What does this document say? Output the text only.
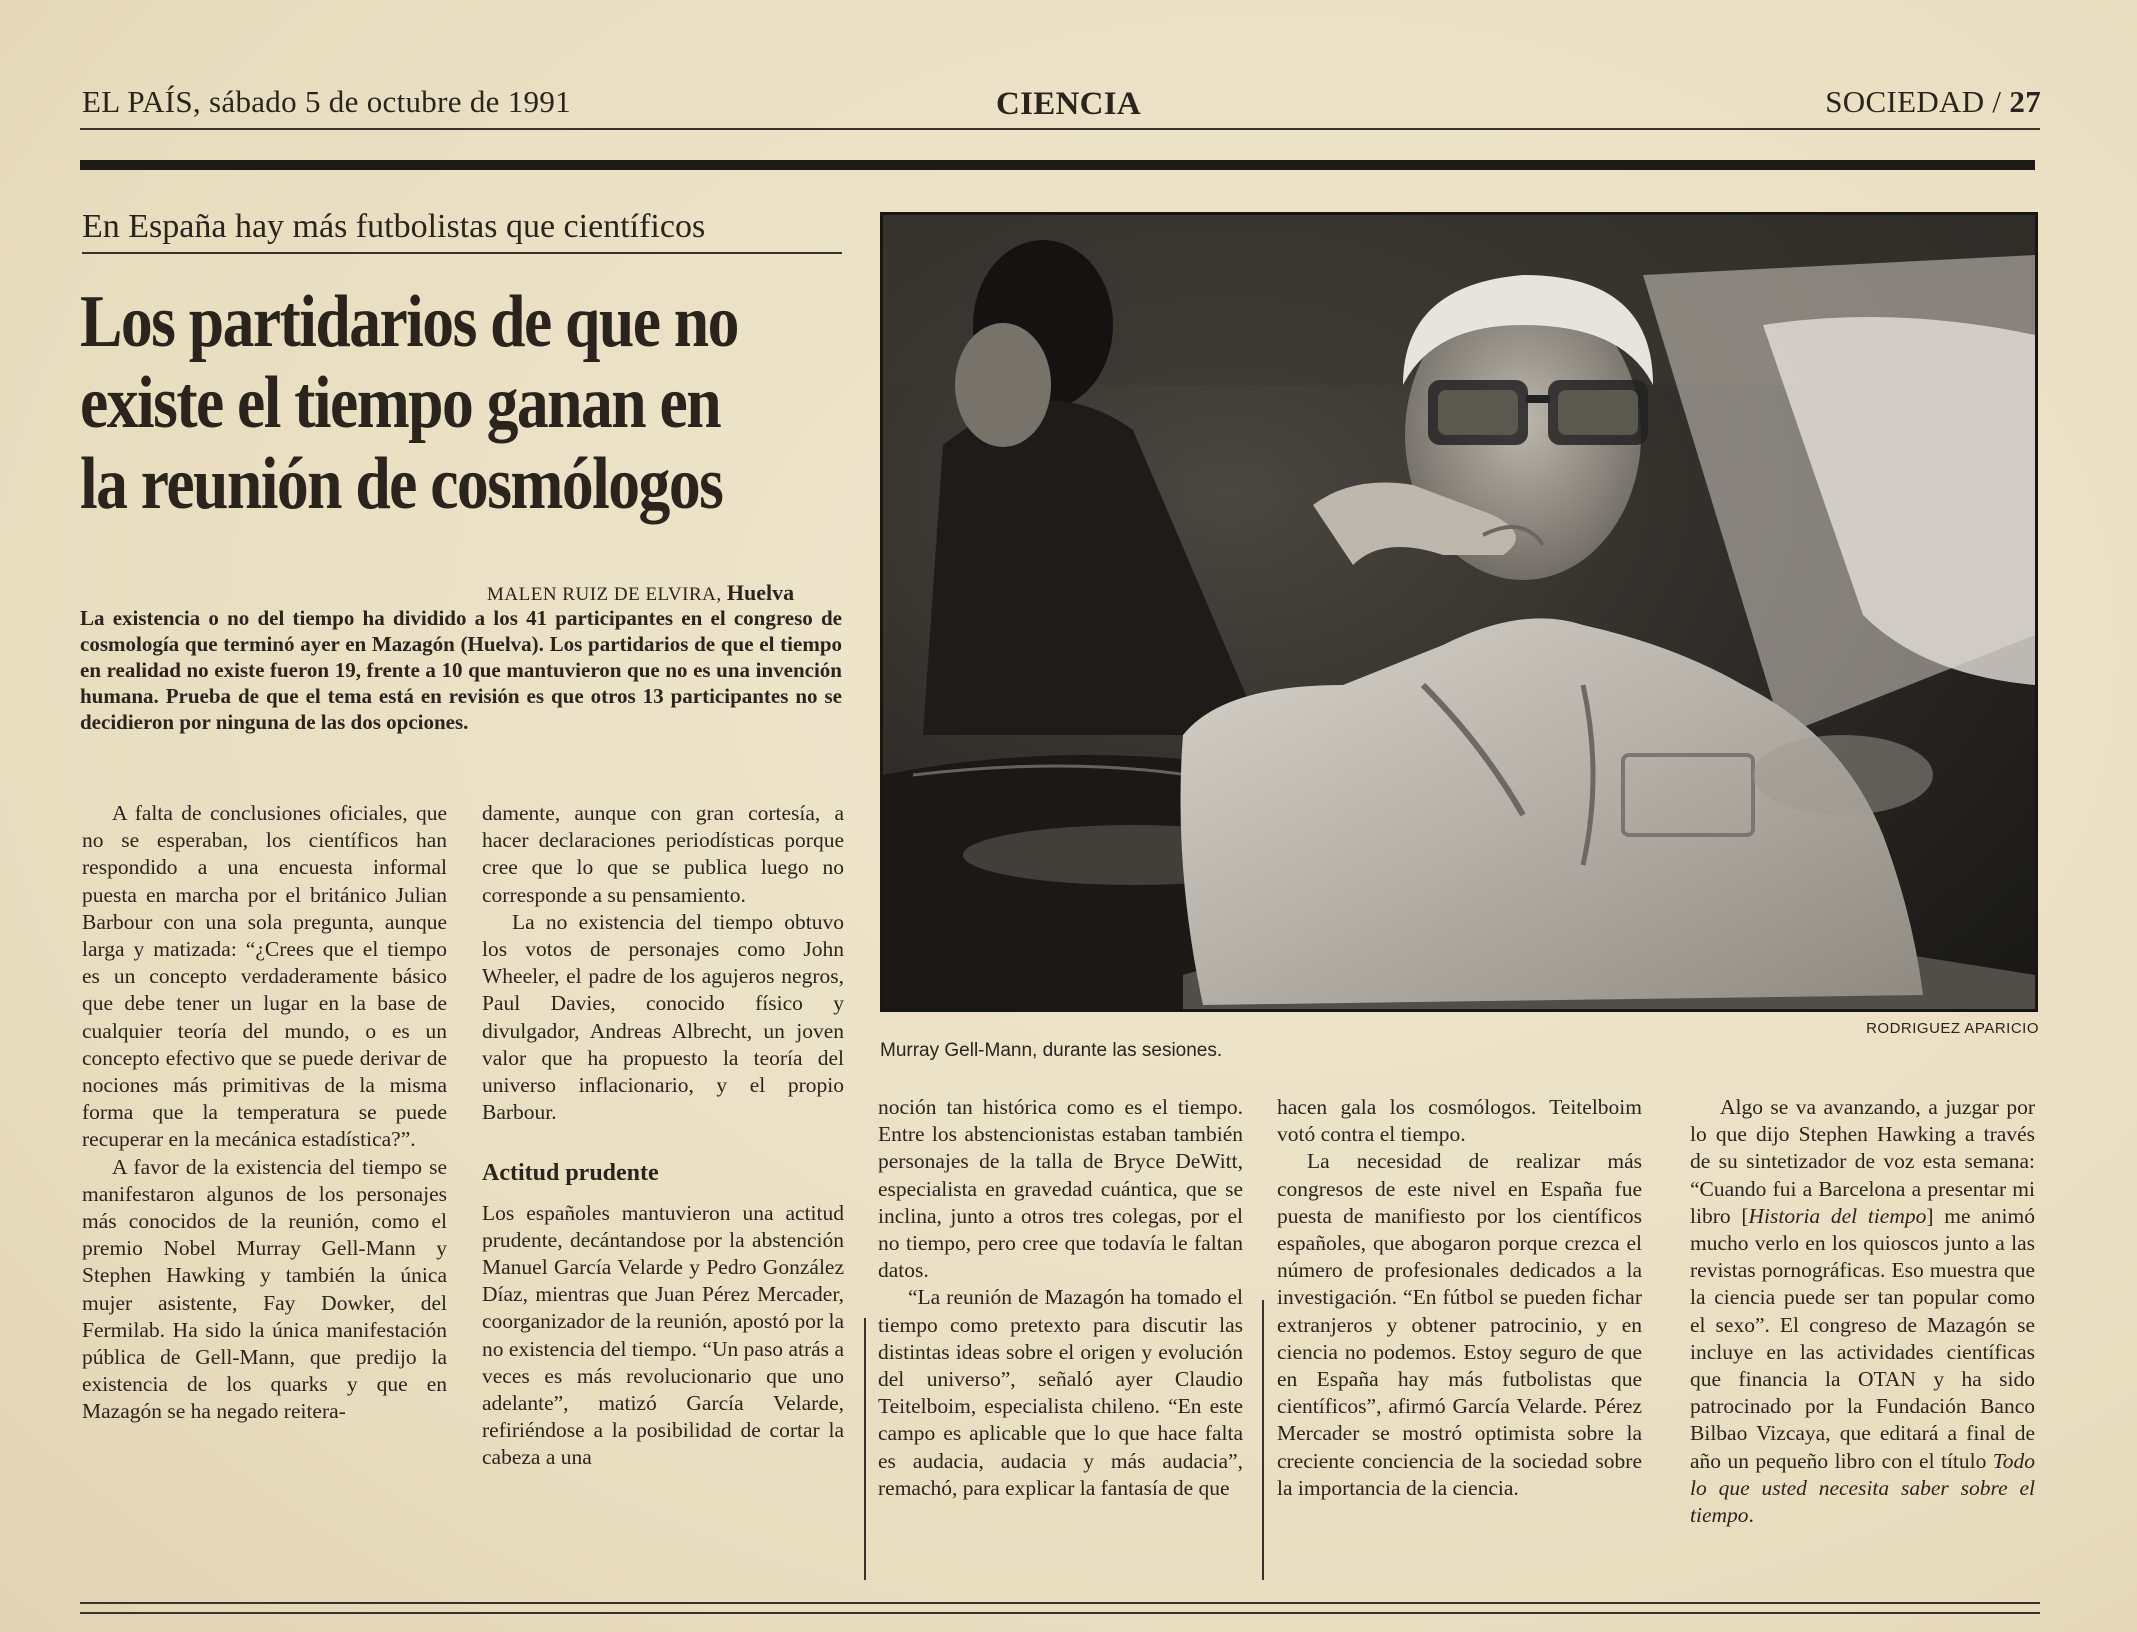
EL PAÍS, sábado 5 de octubre de 1991	CIENCIA	SOCIEDAD / 27
En España hay más futbolistas que científicos
Los partidarios de que no
existe el tiempo ganan en
la reunión de cosmólogos
MALEN RUIZ DE ELVIRA, Huelva
La existencia o no del tiempo ha dividido a los 41 participantes en el congreso de cosmología que terminó ayer en Mazagón (Huelva). Los partidarios de que el tiempo en realidad no existe fueron 19, frente a 10 que mantuvieron que no es una invención humana. Prueba de que el tema está en revisión es que otros 13 participantes no se decidieron por ninguna de las dos opciones.

A falta de conclusiones oficiales, que no se esperaban, los científicos han respondido a una encuesta informal puesta en marcha por el británico Julian Barbour con una sola pregunta, aunque larga y matizada: “¿Crees que el tiempo es un concepto verdaderamente básico que debe tener un lugar en la base de cualquier teoría del mundo, o es un concepto efectivo que se puede derivar de nociones más primitivas de la misma forma que la temperatura se puede recuperar en la mecánica estadística?”.

A favor de la existencia del tiempo se manifestaron algunos de los personajes más conocidos de la reunión, como el premio Nobel Murray Gell-Mann y Stephen Hawking y también la única mujer asistente, Fay Dowker, del Fermilab. Ha sido la única manifestación pública de Gell-Mann, que predijo la existencia de los quarks y que en Mazagón se ha negado reitera-

damente, aunque con gran cortesía, a hacer declaraciones periodísticas porque cree que lo que se publica luego no corresponde a su pensamiento.

La no existencia del tiempo obtuvo los votos de personajes como John Wheeler, el padre de los agujeros negros, Paul Davies, conocido físico y divulgador, Andreas Albrecht, un joven valor que ha propuesto la teoría del universo inflacionario, y el propio Barbour.

Actitud prudente

Los españoles mantuvieron una actitud prudente, decántandose por la abstención Manuel García Velarde y Pedro González Díaz, mientras que Juan Pérez Mercader, coorganizador de la reunión, apostó por la no existencia del tiempo. “Un paso atrás a veces es más revolucionario que uno adelante”, matizó García Velarde, refiriéndose a la posibilidad de cortar la cabeza a una

noción tan histórica como es el tiempo. Entre los abstencionistas estaban también personajes de la talla de Bryce DeWitt, especialista en gravedad cuántica, que se inclina, junto a otros tres colegas, por el no tiempo, pero cree que todavía le faltan datos.

“La reunión de Mazagón ha tomado el tiempo como pretexto para discutir las distintas ideas sobre el origen y evolución del universo”, señaló ayer Claudio Teitelboim, especialista chileno. “En este campo es aplicable que lo que hace falta es audacia, audacia y más audacia”, remachó, para explicar la fantasía de que

hacen gala los cosmólogos. Teitelboim votó contra el tiempo.

La necesidad de realizar más congresos de este nivel en España fue puesta de manifiesto por los científicos españoles, que abogaron porque crezca el número de profesionales dedicados a la investigación. “En fútbol se pueden fichar extranjeros y obtener patrocinio, y en ciencia no podemos. Estoy seguro de que en España hay más futbolistas que científicos”, afirmó García Velarde. Pérez Mercader se mostró optimista sobre la creciente conciencia de la sociedad sobre la importancia de la ciencia.

Algo se va avanzando, a juzgar por lo que dijo Stephen Hawking a través de su sintetizador de voz esta semana: “Cuando fui a Barcelona a presentar mi libro [Historia del tiempo] me animó mucho verlo en los quioscos junto a las revistas pornográficas. Eso muestra que la ciencia puede ser tan popular como el sexo”. El congreso de Mazagón se incluye en las actividades científicas que financia la OTAN y ha sido patrocinado por la Fundación Banco Bilbao Vizcaya, que editará a final de año un pequeño libro con el título Todo lo que usted necesita saber sobre el tiempo.

RODRIGUEZ APARICIO
Murray Gell-Mann, durante las sesiones.
